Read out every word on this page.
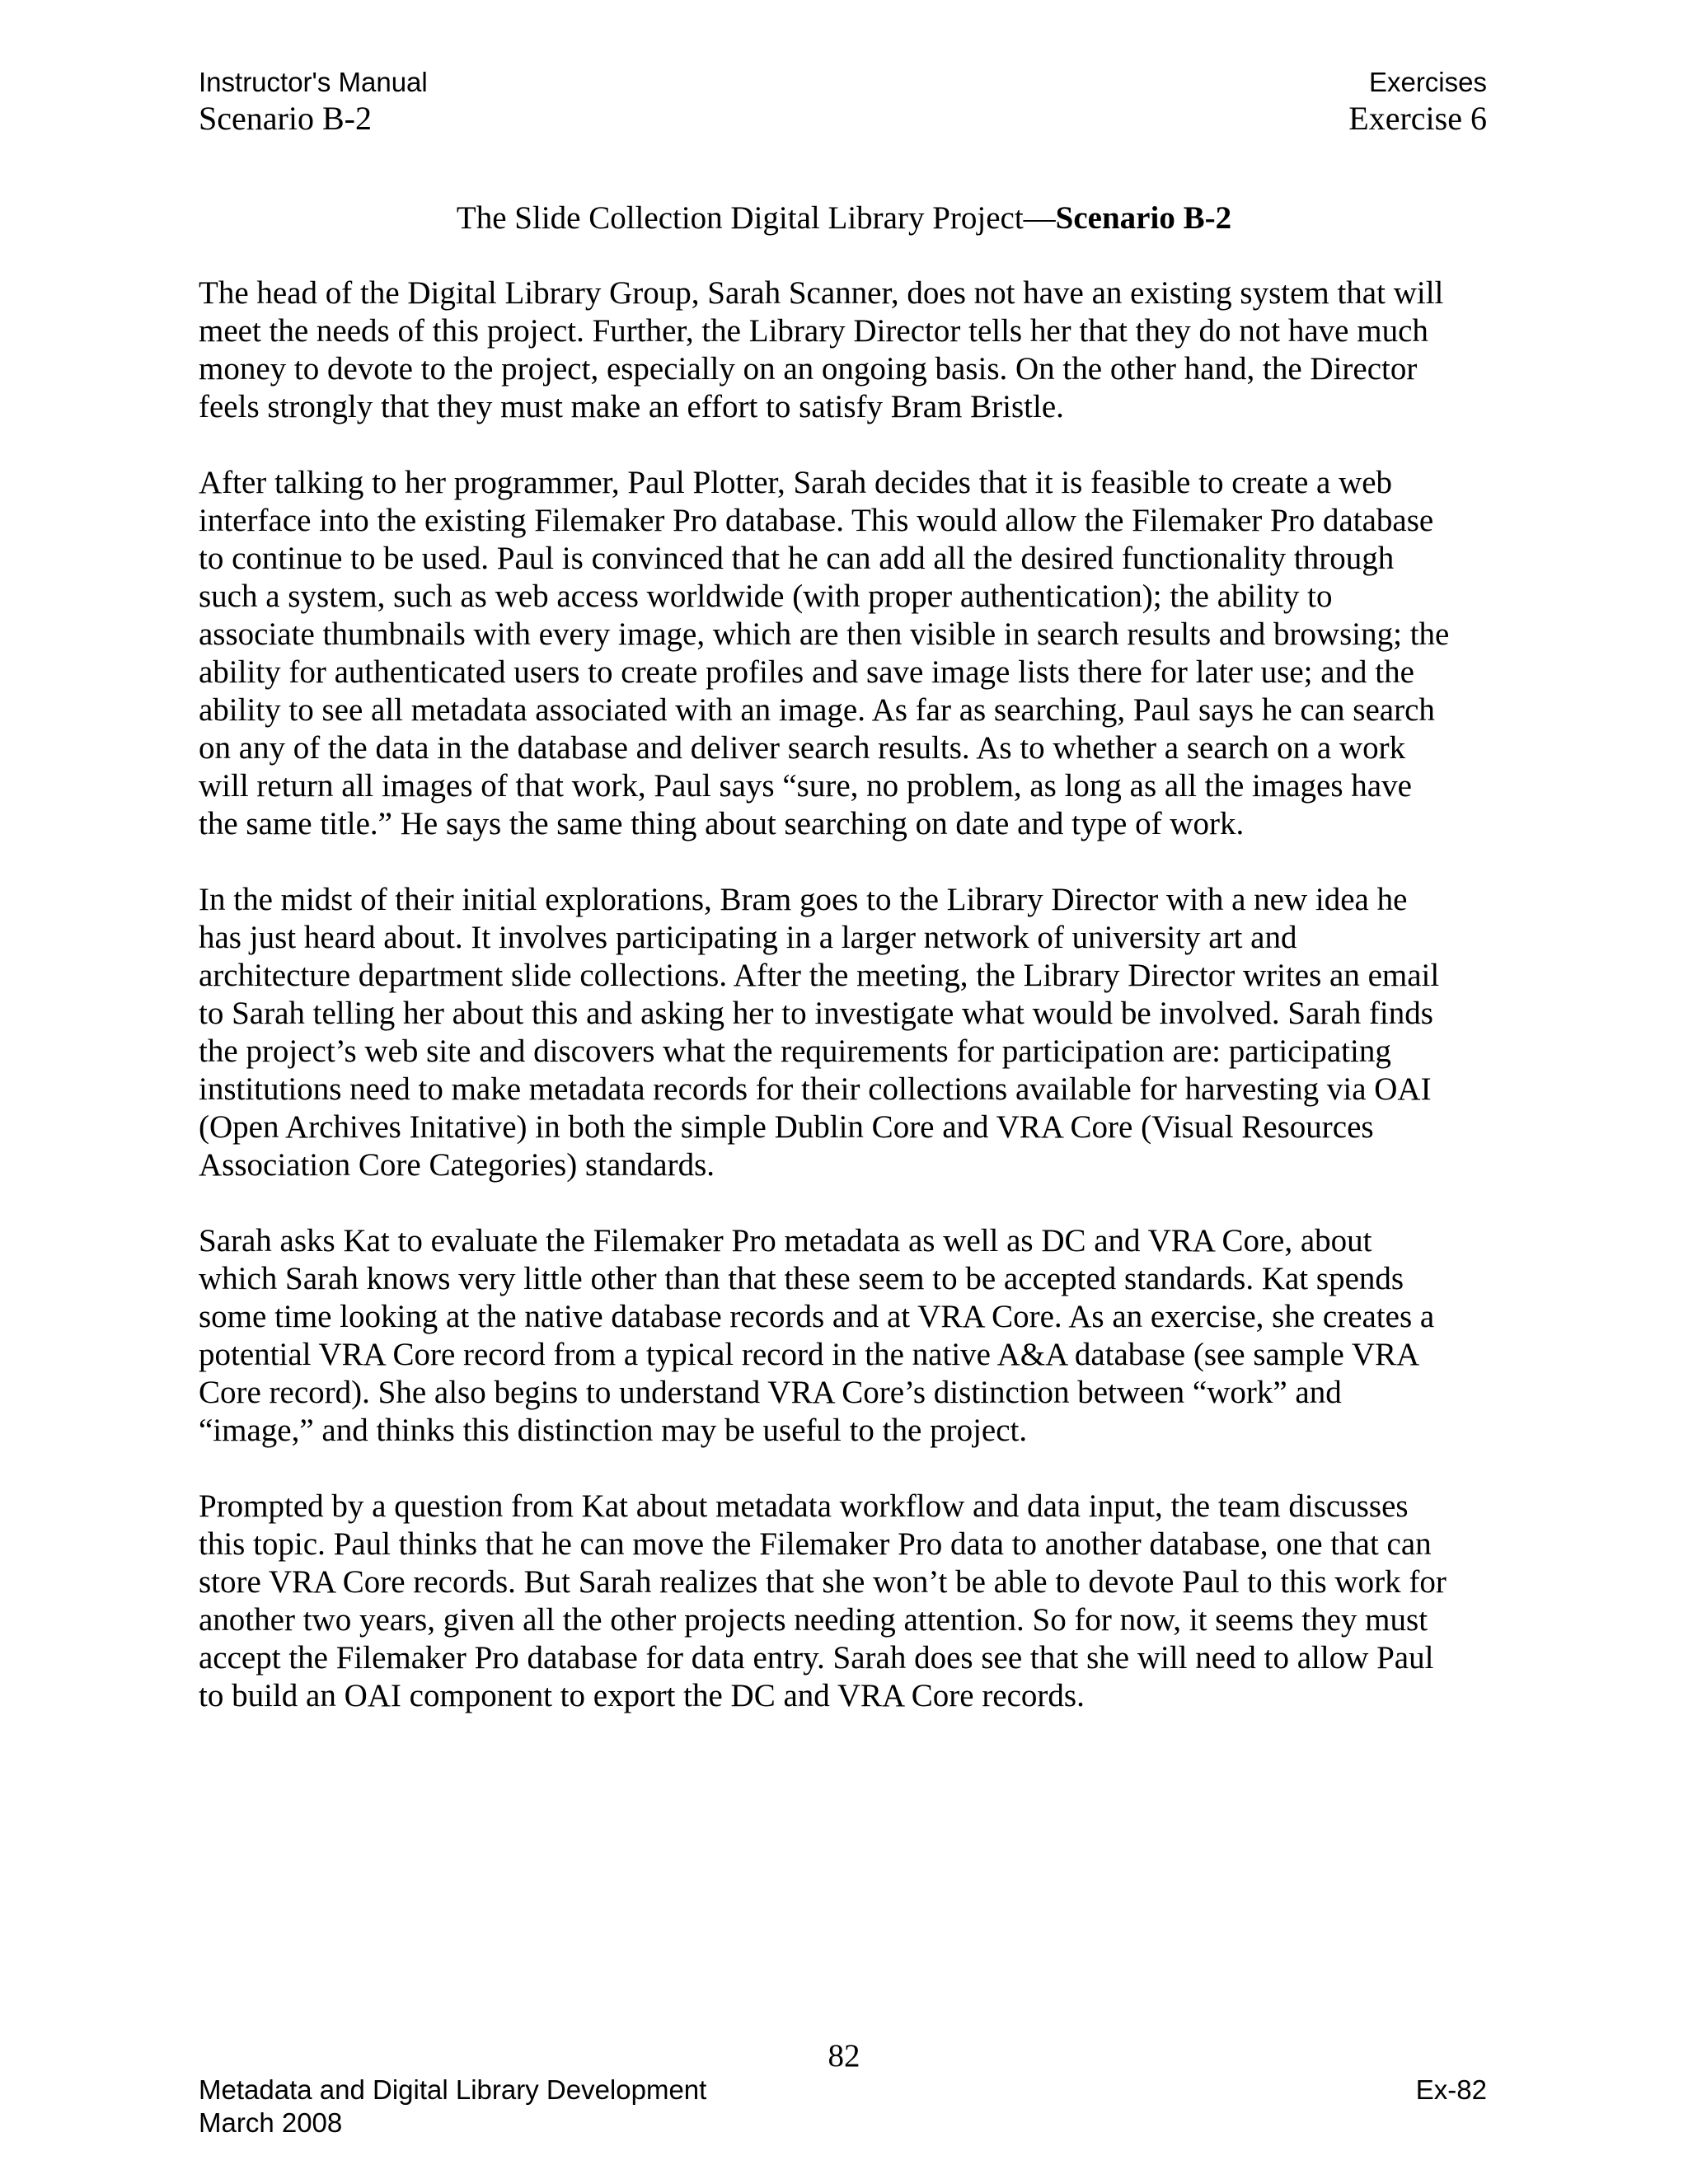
Instructor's Manual
Scenario B-2
Exercises
Exercise 6
The Slide Collection Digital Library Project—Scenario B-2

The head of the Digital Library Group, Sarah Scanner, does not have an existing system that will
meet the needs of this project. Further, the Library Director tells her that they do not have much
money to devote to the project, especially on an ongoing basis. On the other hand, the Director
feels strongly that they must make an effort to satisfy Bram Bristle.

After talking to her programmer, Paul Plotter, Sarah decides that it is feasible to create a web
interface into the existing Filemaker Pro database. This would allow the Filemaker Pro database
to continue to be used. Paul is convinced that he can add all the desired functionality through
such a system, such as web access worldwide (with proper authentication); the ability to
associate thumbnails with every image, which are then visible in search results and browsing; the
ability for authenticated users to create profiles and save image lists there for later use; and the
ability to see all metadata associated with an image. As far as searching, Paul says he can search
on any of the data in the database and deliver search results. As to whether a search on a work
will return all images of that work, Paul says “sure, no problem, as long as all the images have
the same title.” He says the same thing about searching on date and type of work.

In the midst of their initial explorations, Bram goes to the Library Director with a new idea he
has just heard about. It involves participating in a larger network of university art and
architecture department slide collections. After the meeting, the Library Director writes an email
to Sarah telling her about this and asking her to investigate what would be involved. Sarah finds
the project’s web site and discovers what the requirements for participation are: participating
institutions need to make metadata records for their collections available for harvesting via OAI
(Open Archives Initative) in both the simple Dublin Core and VRA Core (Visual Resources
Association Core Categories) standards.

Sarah asks Kat to evaluate the Filemaker Pro metadata as well as DC and VRA Core, about
which Sarah knows very little other than that these seem to be accepted standards. Kat spends
some time looking at the native database records and at VRA Core. As an exercise, she creates a
potential VRA Core record from a typical record in the native A&A database (see sample VRA
Core record). She also begins to understand VRA Core’s distinction between “work” and
“image,” and thinks this distinction may be useful to the project.

Prompted by a question from Kat about metadata workflow and data input, the team discusses
this topic. Paul thinks that he can move the Filemaker Pro data to another database, one that can
store VRA Core records. But Sarah realizes that she won’t be able to devote Paul to this work for
another two years, given all the other projects needing attention. So for now, it seems they must
accept the Filemaker Pro database for data entry. Sarah does see that she will need to allow Paul
to build an OAI component to export the DC and VRA Core records.

82
Metadata and Digital Library Development
March 2008
Ex-82
